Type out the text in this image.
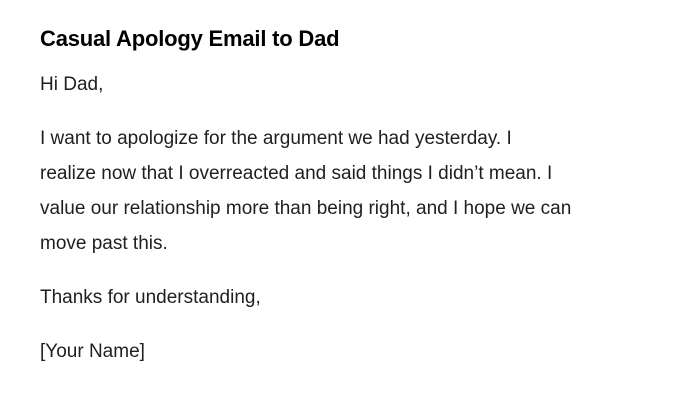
Casual Apology Email to Dad

Hi Dad,

I want to apologize for the argument we had yesterday. I
realize now that I overreacted and said things I didn’t mean. I
value our relationship more than being right, and I hope we can
move past this.

Thanks for understanding,

[Your Name]
